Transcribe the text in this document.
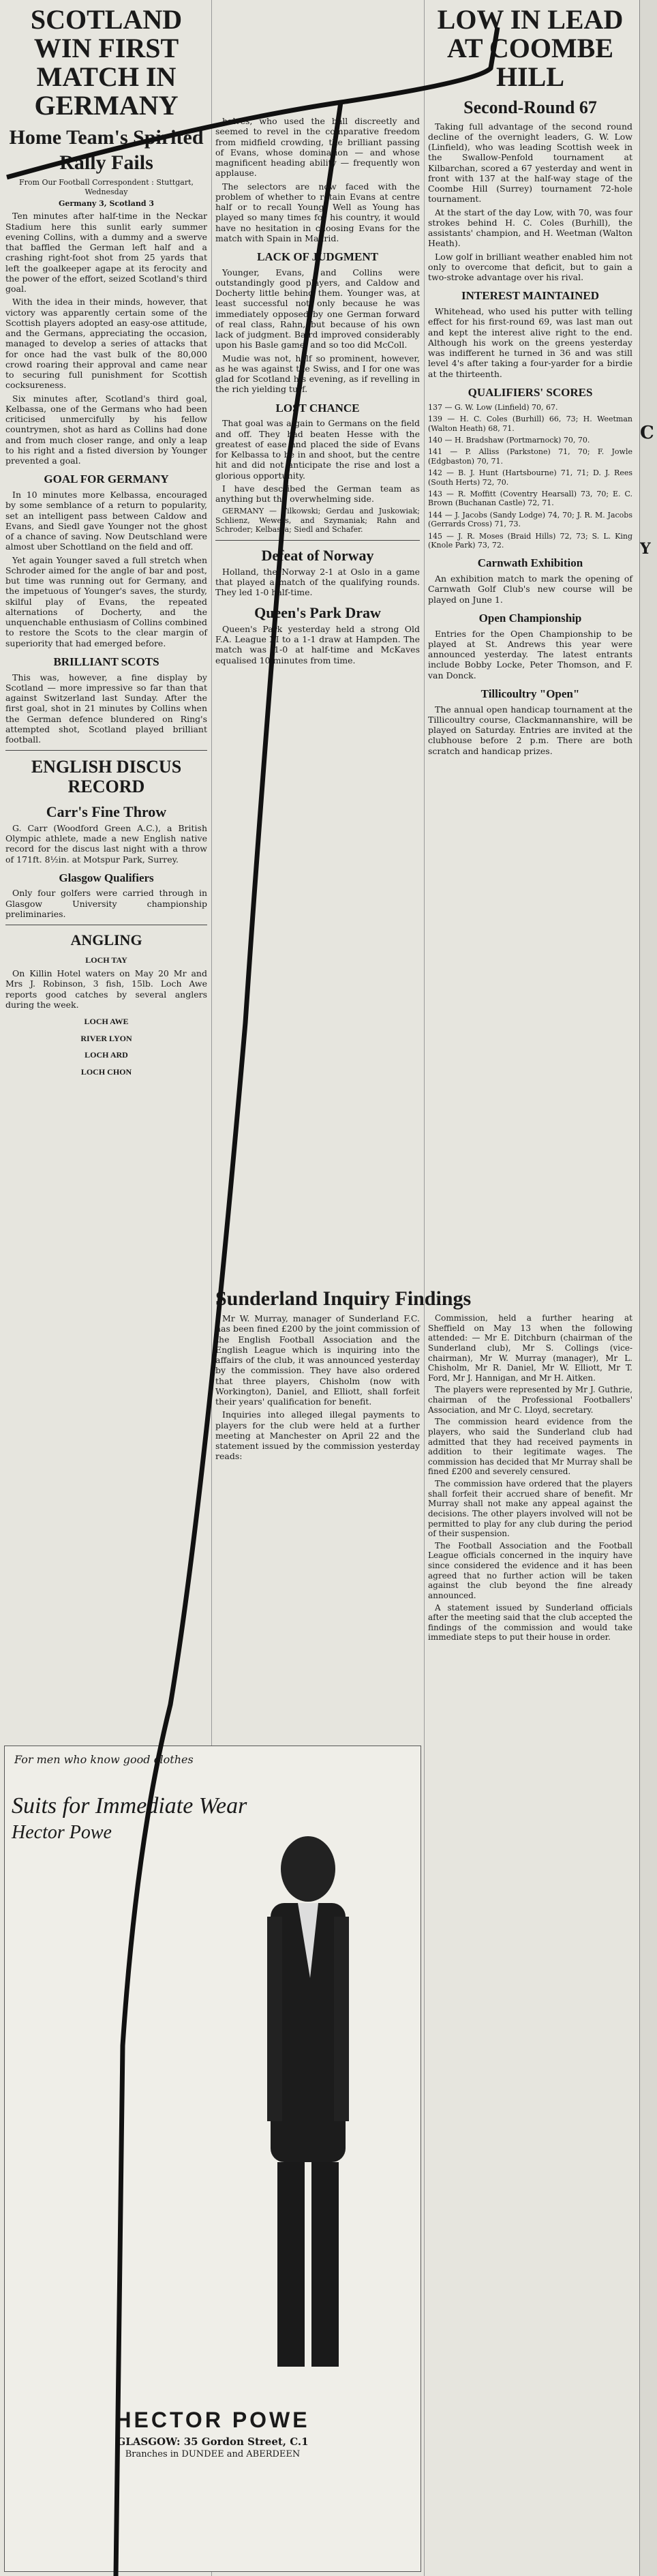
SCOTLAND WIN FIRST MATCH IN GERMANY
Home Team's Spirited Rally Fails
From Our Football Correspondent : Stuttgart, Wednesday
Germany 3, Scotland 3

Ten minutes after half-time in the Neckar Stadium here this sunlit early summer evening Collins, with a dummy and a swerve that baffled the German left half and a crashing right-foot shot from 25 yards that left the goalkeeper agape at its ferocity and the power of the effort, seized Scotland's third goal.

With the idea in their minds, however, that victory was apparently certain some of the Scottish players adopted an easy-ose attitude, and the Germans, appreciating the occasion, managed to develop a series of attacks that for once had the vast bulk of the 80,000 crowd roaring their approval and came near to securing full punishment for Scottish cocksureness.

Six minutes after, Scotland's third goal, Kelbassa, one of the Germans who had been criticised unmercifully by his fellow countrymen, shot as hard as Collins had done and from much closer range, and only a leap to his right and a fisted diversion by Younger prevented a goal.

GOAL FOR GERMANY

In 10 minutes more Kelbassa, encouraged by some semblance of a return to popularity, set an intelligent pass between Caldow and Evans, and Siedl gave Younger not the ghost of a chance of saving. Now Deutschland were almost uber Schottland on the field and off.

Yet again Younger saved a full stretch when Schroder aimed for the angle of bar and post, but time was running out for Germany, and the impetuous of Younger's saves, the sturdy, skilful play of Evans, the repeated alternations of Docherty, and the unquenchable enthusiasm of Collins combined to restore the Scots to the clear margin of superiority that had emerged before.

BRILLIANT SCOTS

This was, however, a fine display by Scotland — more impressive so far than that against Switzerland last Sunday. After the first goal, shot in 21 minutes by Collins when the German defence blundered on Ring's attempted shot, Scotland played brilliant football.

ENGLISH DISCUS RECORD
Carr's Fine Throw

G. Carr (Woodford Green A.C.), a British Olympic athlete, made a new English native record for the discus last night with a throw of 171ft. 8½in. at Motspur Park, Surrey.

Glasgow Qualifiers

Only four golfers were carried through in Glasgow University championship preliminaries.

ANGLING
LOCH TAY

On Killin Hotel waters on May 20 Mr and Mrs J. Robinson, 3 fish, 15lb. Loch Awe reports good catches by several anglers during the week.

LOCH AWE
RIVER LYON
LOCH ARD
LOCH CHON
For men who know good clothes
Suits for Immediate Wear
Hector Powe
HECTOR POWE
GLASGOW: 35 Gordon Street, C.1
Branches in DUNDEE and ABERDEEN

halves, who used the ball discreetly and seemed to revel in the comparative freedom from midfield crowding, the brilliant passing of Evans, whose domination — and whose magnificent heading ability — frequently won applause.

The selectors are now faced with the problem of whether to retain Evans at centre half or to recall Young. Well as Young has played so many times for his country, it would have no hesitation in choosing Evans for the match with Spain in Madrid.

LACK OF JUDGMENT

Younger, Evans, and Collins were outstandingly good players, and Caldow and Docherty little behind them. Younger was, at least successful not only because he was immediately opposed by one German forward of real class, Rahn, but because of his own lack of judgment. Baird improved considerably upon his Basle game, and so too did McColl.

Mudie was not, half so prominent, however, as he was against the Swiss, and I for one was glad for Scotland his evening, as if revelling in the rich yielding turf.

LOST CHANCE

That goal was a gain to Germans on the field and off. They had beaten Hesse with the greatest of ease and placed the side of Evans for Kelbassa to be in and shoot, but the centre hit and did not anticipate the rise and lost a glorious opportunity.

I have described the German team as anything but the overwhelming side.

GERMANY — Tilkowski; Gerdau and Juskowiak; Schlienz, Wewers, and Szymaniak; Rahn and Schroder; Kelbassa; Siedl and Schafer.

Defeat of Norway

Holland, the Norway 2-1 at Oslo in a game that played a match of the qualifying rounds. They led 1-0 half-time.

Queen's Park Draw

Queen's Park yesterday held a strong Old F.A. League XI to a 1-1 draw at Hampden. The match was 1-0 at half-time and McKaves equalised 10 minutes from time.

Sunderland Inquiry Findings

Mr W. Murray, manager of Sunderland F.C. has been fined £200 by the joint commission of the English Football Association and the English League which is inquiring into the affairs of the club, it was announced yesterday by the commission. They have also ordered that three players, Chisholm (now with Workington), Daniel, and Elliott, shall forfeit their years' qualification for benefit.

Inquiries into alleged illegal payments to players for the club were held at a further meeting at Manchester on April 22 and the statement issued by the commission yesterday reads:

Commission, held a further hearing at Sheffield on May 13 when the following attended: — Mr E. Ditchburn (chairman of the Sunderland club), Mr S. Collings (vice-chairman), Mr W. Murray (manager), Mr L. Chisholm, Mr R. Daniel, Mr W. Elliott, Mr T. Ford, Mr J. Hannigan, and Mr H. Aitken.

The players were represented by Mr J. Guthrie, chairman of the Professional Footballers' Association, and Mr C. Lloyd, secretary.

The commission heard evidence from the players, who said the Sunderland club had admitted that they had received payments in addition to their legitimate wages. The commission has decided that Mr Murray shall be fined £200 and severely censured.

The commission have ordered that the players shall forfeit their accrued share of benefit. Mr Murray shall not make any appeal against the decisions. The other players involved will not be permitted to play for any club during the period of their suspension.

The Football Association and the Football League officials concerned in the inquiry have since considered the evidence and it has been agreed that no further action will be taken against the club beyond the fine already announced.

A statement issued by Sunderland officials after the meeting said that the club accepted the findings of the commission and would take immediate steps to put their house in order.

LOW IN LEAD AT COOMBE HILL
Second-Round 67

Taking full advantage of the second round decline of the overnight leaders, G. W. Low (Linfield), who was leading Scottish week in the Swallow-Penfold tournament at Kilbarchan, scored a 67 yesterday and went in front with 137 at the half-way stage of the Coombe Hill (Surrey) tournament 72-hole tournament.

At the start of the day Low, with 70, was four strokes behind H. C. Coles (Burhill), the assistants' champion, and H. Weetman (Walton Heath).

Low golf in brilliant weather enabled him not only to overcome that deficit, but to gain a two-stroke advantage over his rival.

INTEREST MAINTAINED

Whitehead, who used his putter with telling effect for his first-round 69, was last man out and kept the interest alive right to the end. Although his work on the greens yesterday was indifferent he turned in 36 and was still level 4's after taking a four-yarder for a birdie at the thirteenth.

QUALIFIERS' SCORES

137 — G. W. Low (Linfield) 70, 67.

139 — H. C. Coles (Burhill) 66, 73; H. Weetman (Walton Heath) 68, 71.

140 — H. Bradshaw (Portmarnock) 70, 70.

141 — P. Alliss (Parkstone) 71, 70; F. Jowle (Edgbaston) 70, 71.

142 — B. J. Hunt (Hartsbourne) 71, 71; D. J. Rees (South Herts) 72, 70.

143 — R. Moffitt (Coventry Hearsall) 73, 70; E. C. Brown (Buchanan Castle) 72, 71.

144 — J. Jacobs (Sandy Lodge) 74, 70; J. R. M. Jacobs (Gerrards Cross) 71, 73.

145 — J. R. Moses (Braid Hills) 72, 73; S. L. King (Knole Park) 73, 72.

Carnwath Exhibition

An exhibition match to mark the opening of Carnwath Golf Club's new course will be played on June 1.

Open Championship

Entries for the Open Championship to be played at St. Andrews this year were announced yesterday. The latest entrants include Bobby Locke, Peter Thomson, and F. van Donck.

Tillicoultry "Open"

The annual open handicap tournament at the Tillicoultry course, Clackmannanshire, will be played on Saturday. Entries are invited at the clubhouse before 2 p.m. There are both scratch and handicap prizes.

C
Y
